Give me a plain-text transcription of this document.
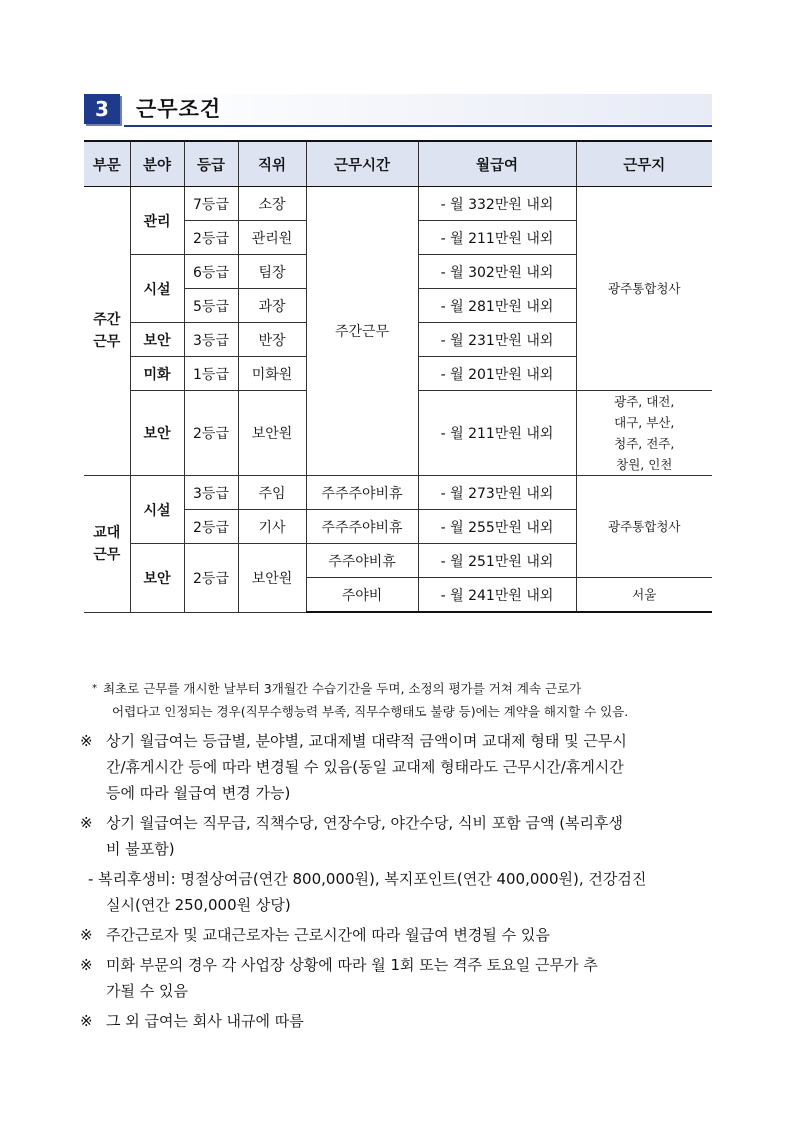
3	근무조건
부문	분야	등급	직위	근무시간	월급여	근무지
주간
근무	관리	7등급	소장	주간근무	- 월 332만원 내외	광주통합청사
		2등급	관리원		- 월 211만원 내외	
	시설	6등급	팀장		- 월 302만원 내외	
		5등급	과장		- 월 281만원 내외	
	보안	3등급	반장		- 월 231만원 내외	
	미화	1등급	미화원		- 월 201만원 내외	
	보안	2등급	보안원		- 월 211만원 내외	광주, 대전,
대구, 부산,
청주, 전주,
창원, 인천
교대
근무	시설	3등급	주임	주주주야비휴	- 월 273만원 내외	광주통합청사
		2등급	기사	주주주야비휴	- 월 255만원 내외	
	보안	2등급	보안원	주주야비휴	- 월 251만원 내외	
				주야비	- 월 241만원 내외	서울
* 최초로 근무를 개시한 날부터 3개월간 수습기간을 두며, 소정의 평가를 거쳐 계속 근로가
어렵다고 인정되는 경우(직무수행능력 부족, 직무수행태도 불량 등)에는 계약을 해지할 수 있음.
※ 상기 월급여는 등급별, 분야별, 교대제별 대략적 금액이며 교대제 형태 및 근무시
간/휴게시간 등에 따라 변경될 수 있음(동일 교대제 형태라도 근무시간/휴게시간
등에 따라 월급여 변경 가능)
※ 상기 월급여는 직무급, 직책수당, 연장수당, 야간수당, 식비 포함 금액 (복리후생
비 불포함)
- 복리후생비: 명절상여금(연간 800,000원), 복지포인트(연간 400,000원), 건강검진
실시(연간 250,000원 상당)
※ 주간근로자 및 교대근로자는 근로시간에 따라 월급여 변경될 수 있음
※ 미화 부문의 경우 각 사업장 상황에 따라 월 1회 또는 격주 토요일 근무가 추
가될 수 있음
※ 그 외 급여는 회사 내규에 따름
